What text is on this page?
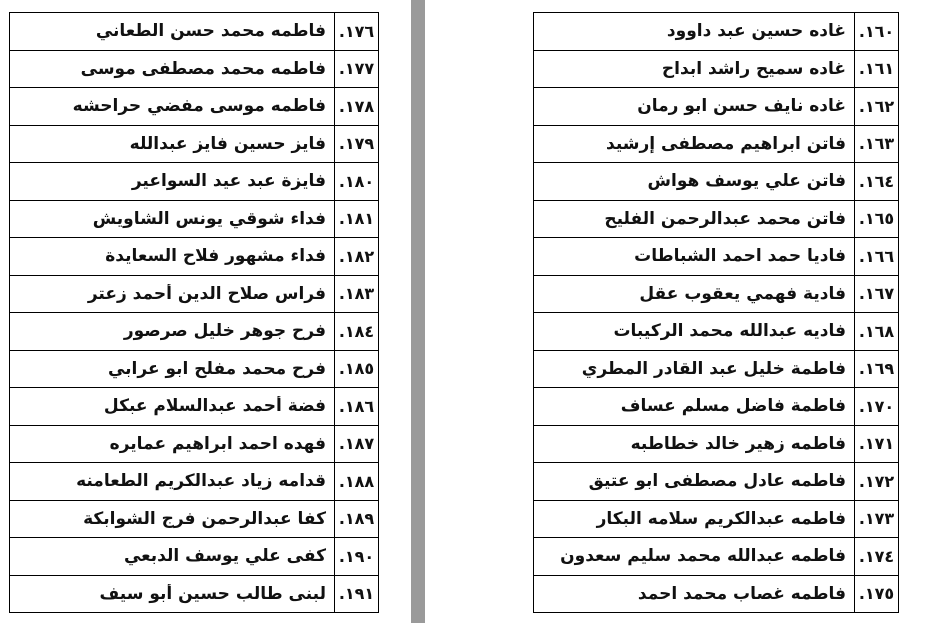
١٧٦.
فاطمه محمد حسن الطعاني
١٧٧.
فاطمه محمد مصطفى موسى
١٧٨.
فاطمه موسى مفضي حراحشه
١٧٩.
فايز حسين فايز عبدالله
١٨٠.
فايزة عبد عيد السواعير
١٨١.
فداء شوقي يونس الشاويش
١٨٢.
فداء مشهور فلاح السعايدة
١٨٣.
فراس صلاح الدين أحمد زعتر
١٨٤.
فرح جوهر خليل صرصور
١٨٥.
فرح محمد مفلح ابو عرابي
١٨٦.
فضة أحمد عبدالسلام عبكل
١٨٧.
فهده احمد ابراهيم عمايره
١٨٨.
قدامه زياد عبدالكريم الطعامنه
١٨٩.
كفا عبدالرحمن فرج الشوابكة
١٩٠.
كفى علي يوسف الدبعي
١٩١.
لبنى طالب حسين أبو سيف
١٦٠.
غاده حسين عبد داوود
١٦١.
غاده سميح راشد ابداح
١٦٢.
غاده نايف حسن ابو رمان
١٦٣.
فاتن ابراهيم مصطفى إرشيد
١٦٤.
فاتن علي يوسف هواش
١٦٥.
فاتن محمد عبدالرحمن الفليح
١٦٦.
فاديا حمد احمد الشباطات
١٦٧.
فادية فهمي يعقوب عقل
١٦٨.
فاديه عبدالله محمد الركيبات
١٦٩.
فاطمة خليل عبد القادر المطري
١٧٠.
فاطمة فاضل مسلم عساف
١٧١.
فاطمه زهير خالد خطاطبه
١٧٢.
فاطمه عادل مصطفى ابو عتيق
١٧٣.
فاطمه عبدالكريم سلامه البكار
١٧٤.
فاطمه عبدالله محمد سليم سعدون
١٧٥.
فاطمه غصاب محمد احمد
